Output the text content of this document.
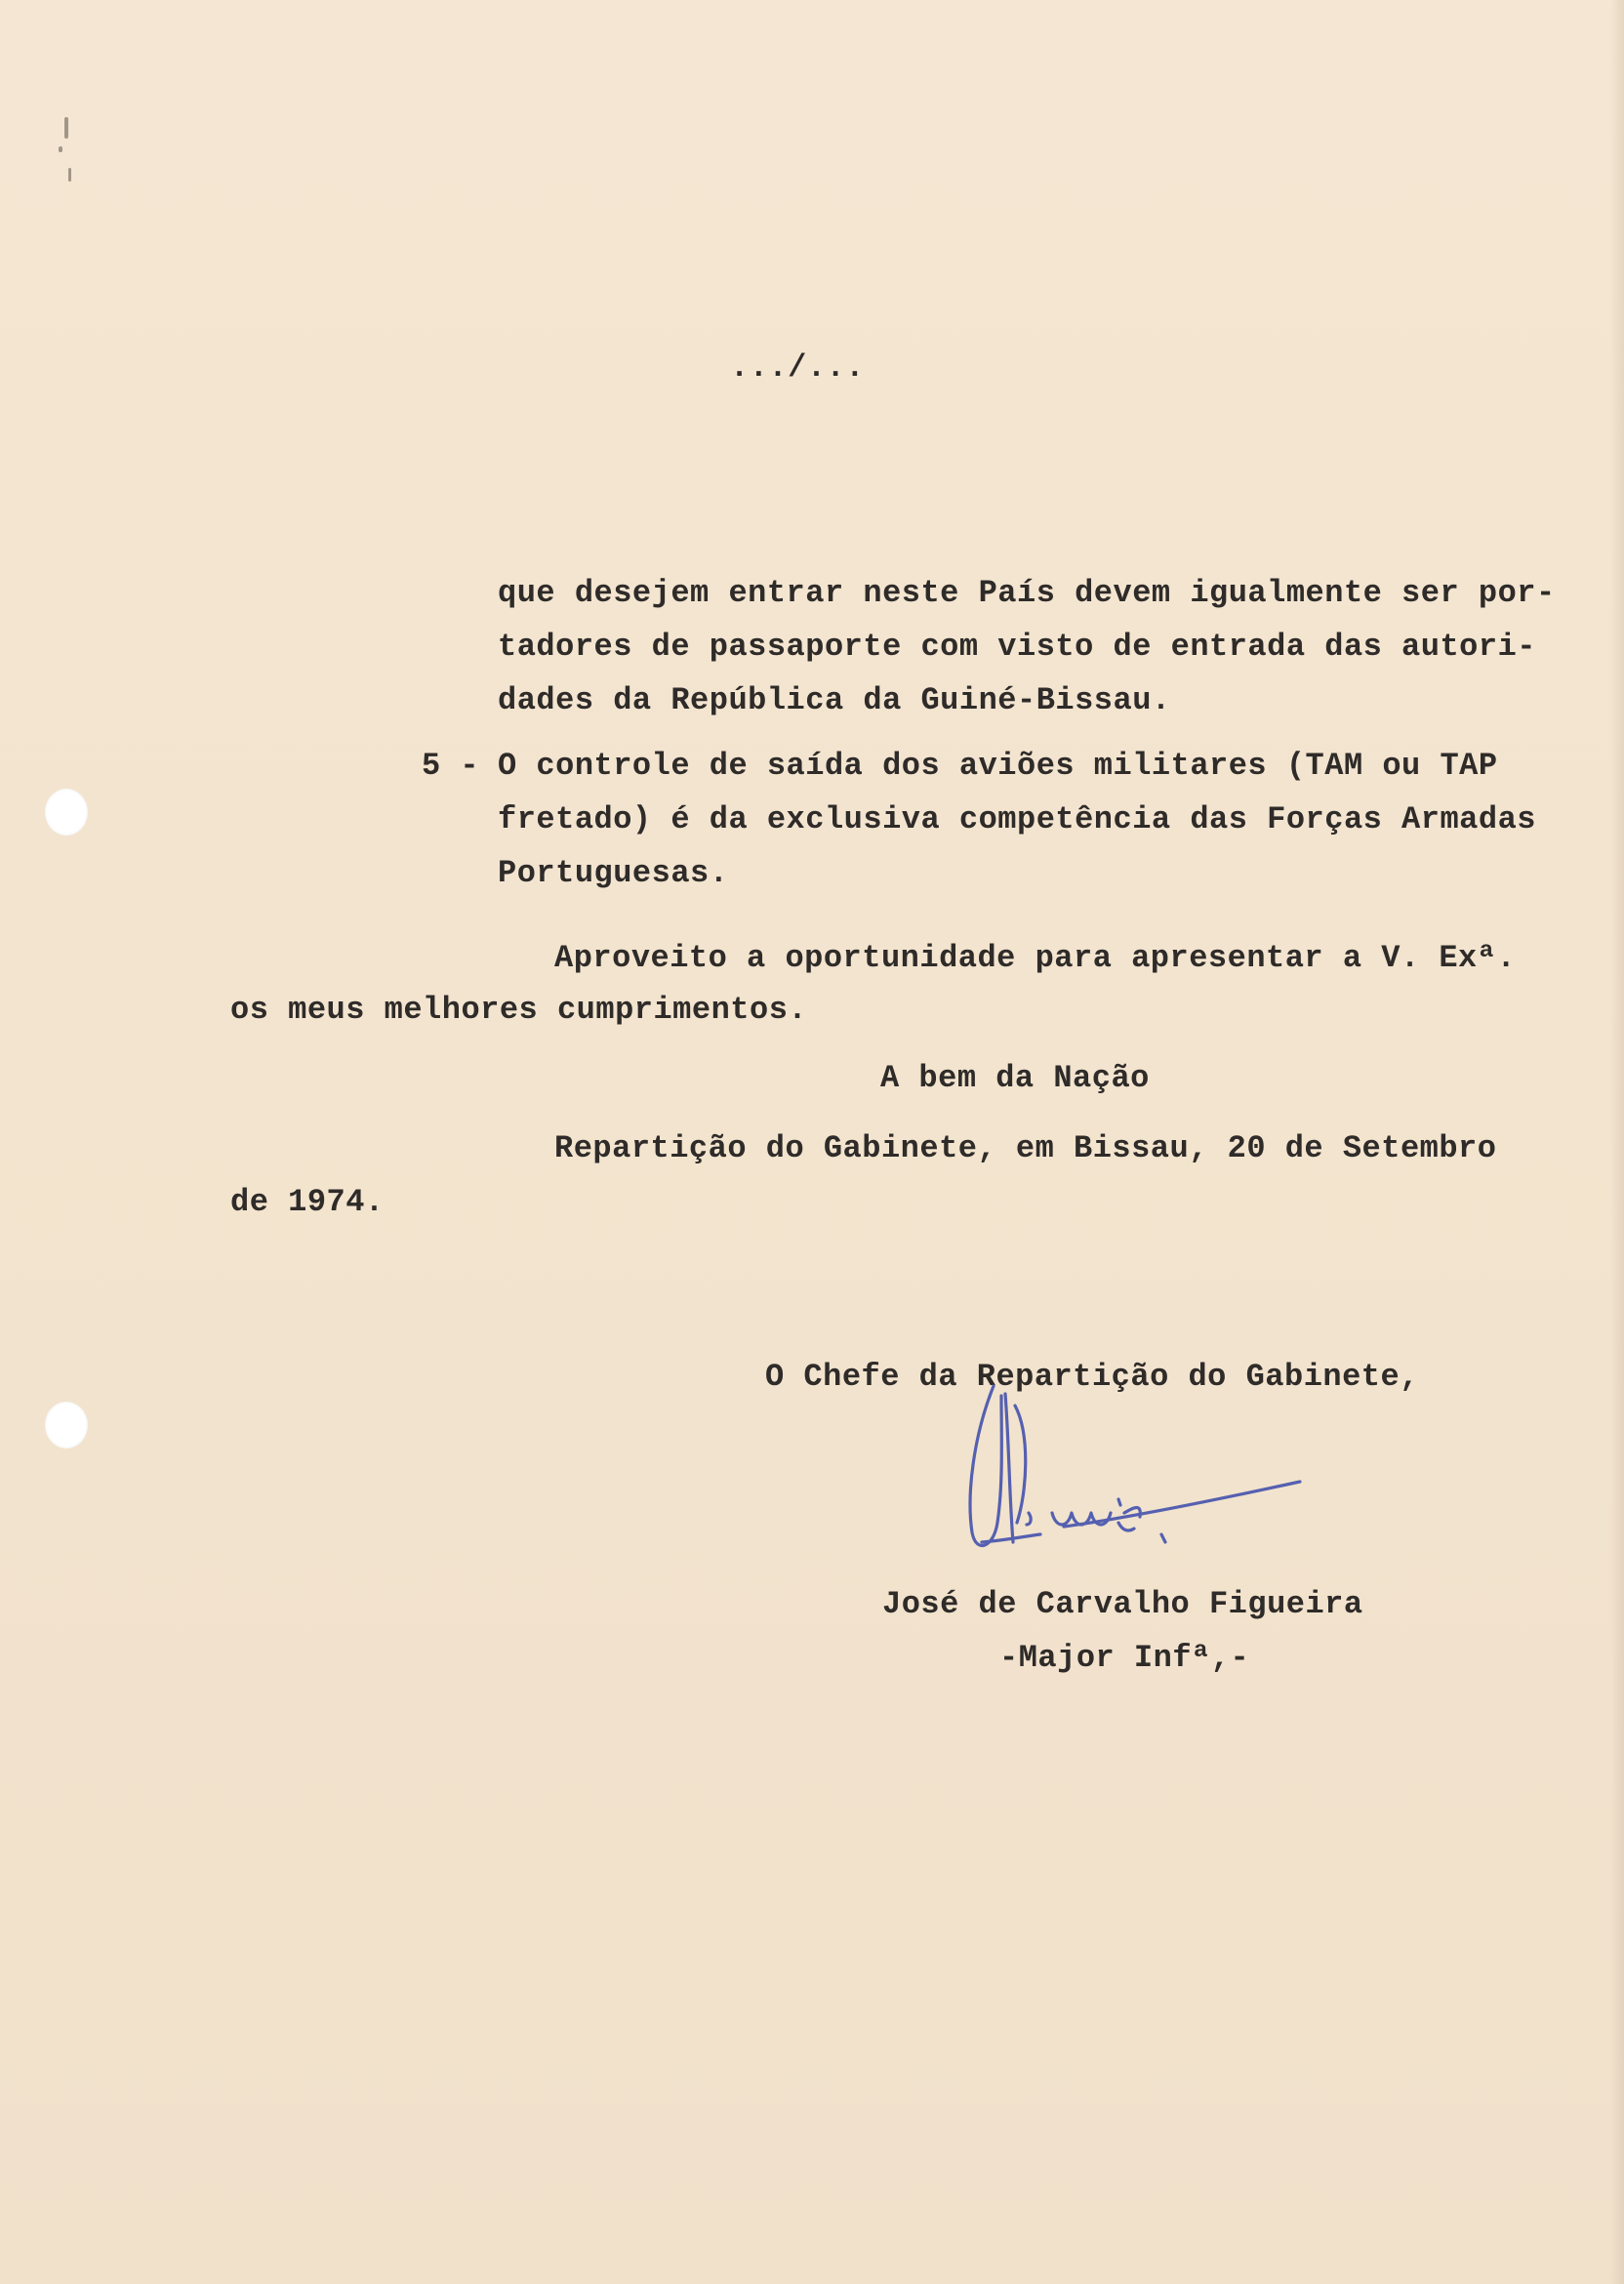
.../...

que desejem entrar neste País devem igualmente ser por-

tadores de passaporte com visto de entrada das autori-

dades da República da Guiné-Bissau.

5 - O controle de saída dos aviões militares (TAM ou TAP

fretado) é da exclusiva competência das Forças Armadas

Portuguesas.

Aproveito a oportunidade para apresentar a V. Exª.

os meus melhores cumprimentos.

A bem da Nação

Repartição do Gabinete, em Bissau, 20 de Setembro

de 1974.

O Chefe da Repartição do Gabinete,

José de Carvalho Figueira

-Major Infª,-
